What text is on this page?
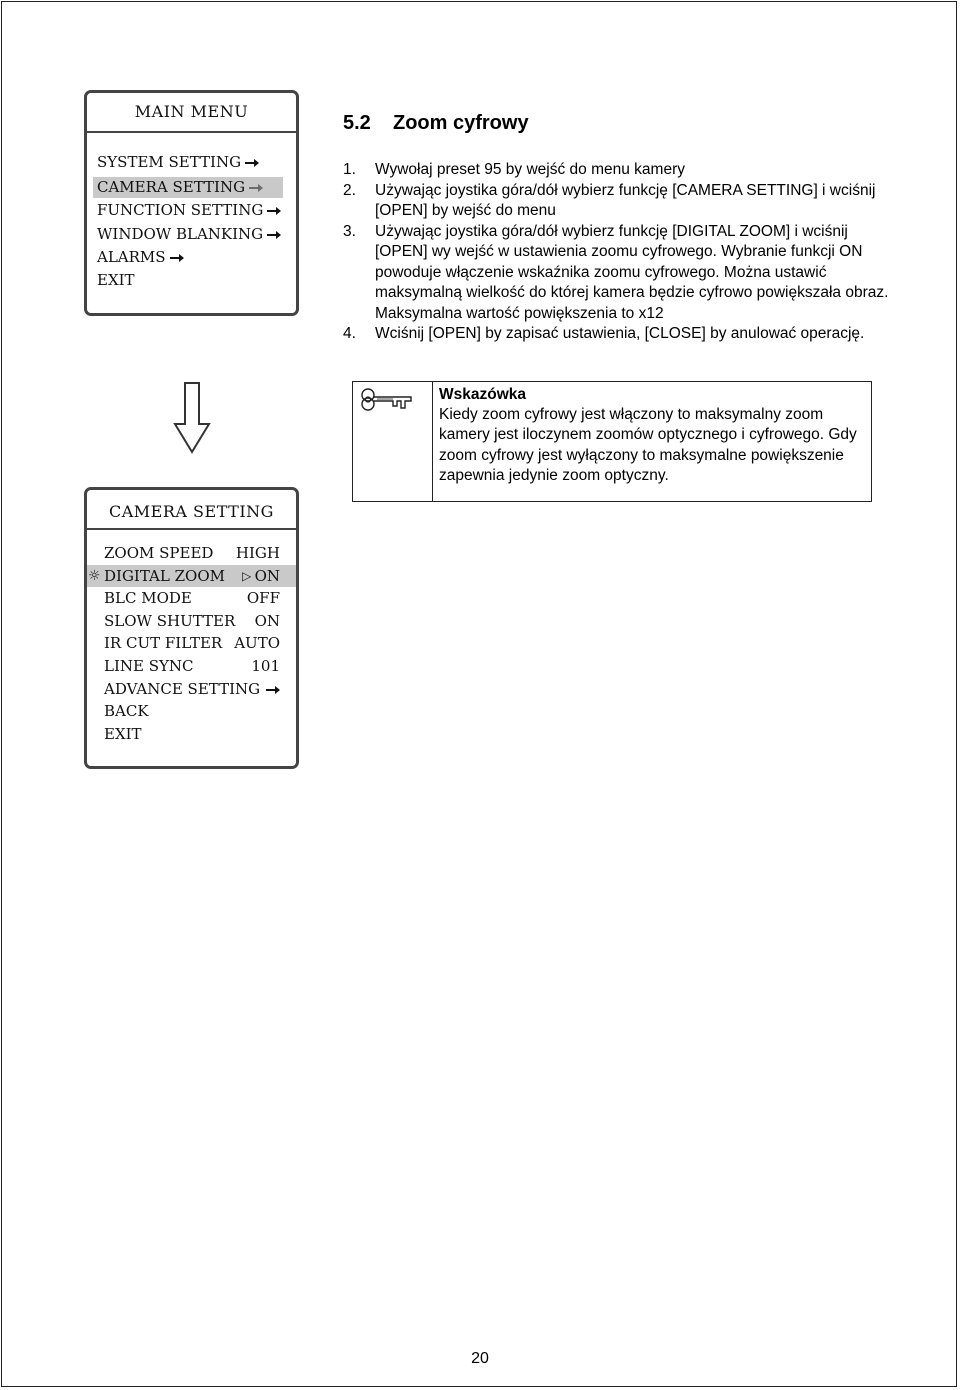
MAIN MENU
SYSTEM SETTING
CAMERA SETTING
FUNCTION SETTING
WINDOW BLANKING
ALARMS
EXIT
CAMERA SETTING
ZOOM SPEED HIGH
☼ DIGITAL ZOOM ▷ ON
BLC MODE	OFF
SLOW SHUTTER ON
IR CUT FILTER AUTO
LINE SYNC	101
ADVANCE SETTING
BACK
EXIT
5.2 Zoom cyfrowy
1. Wywołaj preset 95 by wejść do menu kamery
2. Używając joystika góra/dół wybierz funkcję [CAMERA SETTING] i wciśnij [OPEN] by wejść do menu
3. Używając joystika góra/dół wybierz funkcję [DIGITAL ZOOM] i wciśnij [OPEN] wy wejść w ustawienia zoomu cyfrowego. Wybranie funkcji ON powoduje włączenie wskaźnika zoomu cyfrowego. Można ustawić maksymalną wielkość do której kamera będzie cyfrowo powiększała obraz. Maksymalna wartość powiększenia to x12
4. Wciśnij [OPEN] by zapisać ustawienia, [CLOSE] by anulować operację.
Wskazówka
Kiedy zoom cyfrowy jest włączony to maksymalny zoom kamery jest iloczynem zoomów optycznego i cyfrowego. Gdy zoom cyfrowy jest wyłączony to maksymalne powiększenie zapewnia jedynie zoom optyczny.
20
